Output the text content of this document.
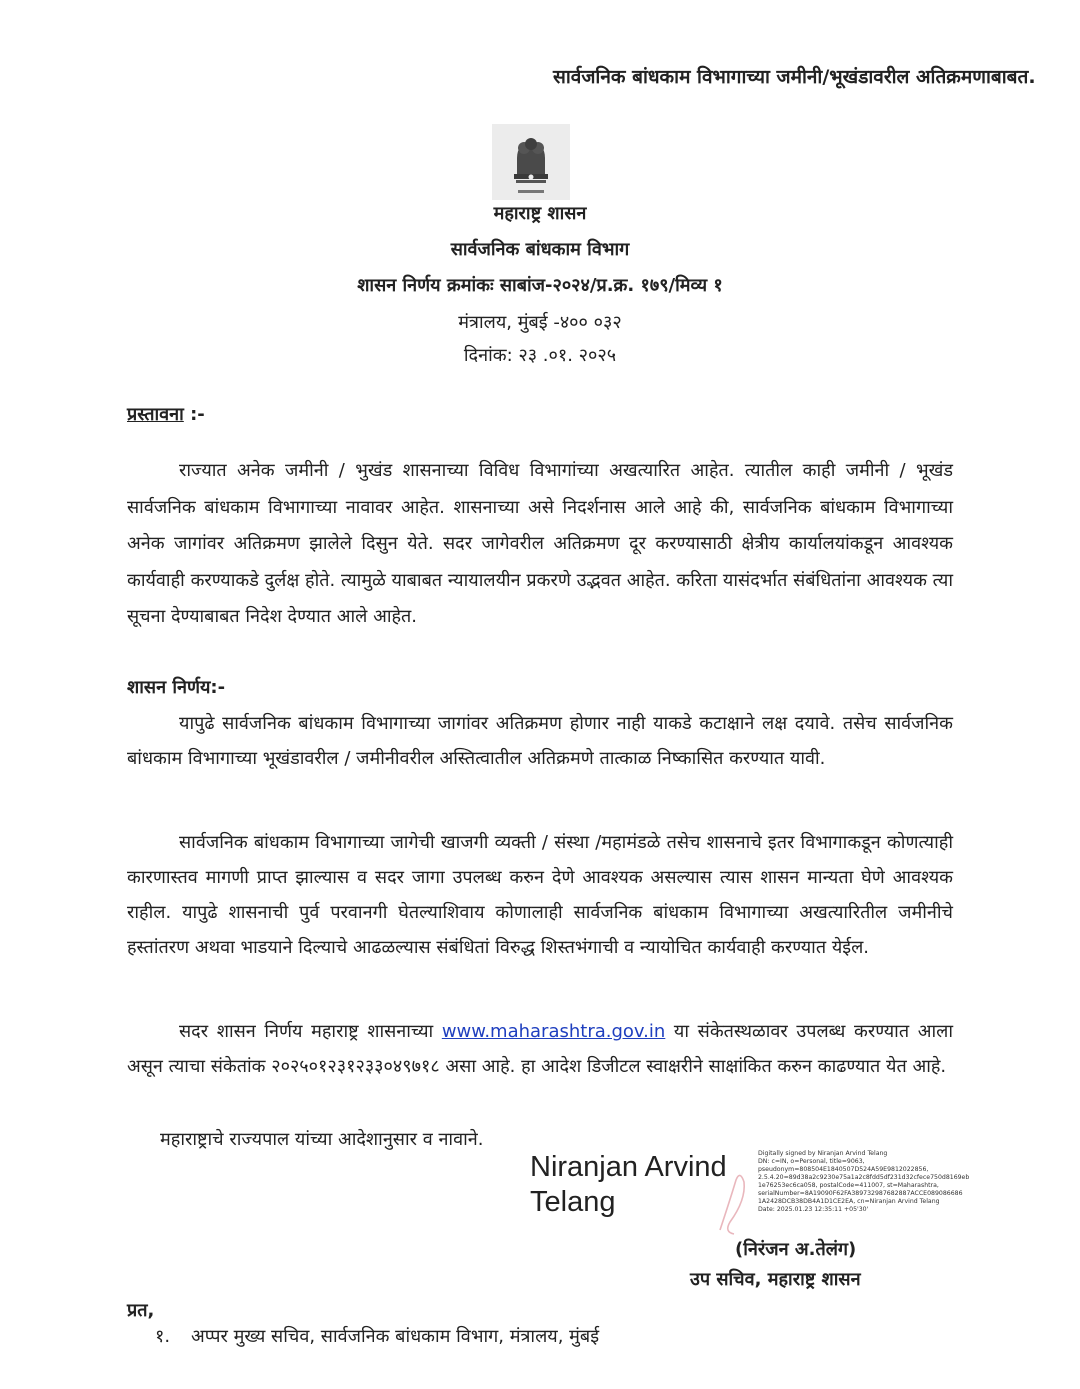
सार्वजनिक बांधकाम विभागाच्या जमीनी/भूखंडावरील अतिक्रमणाबाबत.
महाराष्ट्र शासन
सार्वजनिक बांधकाम विभाग
शासन निर्णय क्रमांकः साबांज-२०२४/प्र.क्र. १७९/मिव्य १
मंत्रालय, मुंबई -४०० ०३२
दिनांक: २३ .०१. २०२५
प्रस्तावना :-
राज्यात अनेक जमीनी / भुखंड शासनाच्या विविध विभागांच्या अखत्यारित आहेत. त्यातील काही जमीनी / भूखंड सार्वजनिक बांधकाम विभागाच्या नावावर आहेत. शासनाच्या असे निदर्शनास आले आहे की, सार्वजनिक बांधकाम विभागाच्या अनेक जागांवर अतिक्रमण झालेले दिसुन येते. सदर जागेवरील अतिक्रमण दूर करण्यासाठी क्षेत्रीय कार्यालयांकडून आवश्यक कार्यवाही करण्याकडे दुर्लक्ष होते. त्यामुळे याबाबत न्यायालयीन प्रकरणे उद्भवत आहेत. करिता यासंदर्भात संबंधितांना आवश्यक त्या सूचना देण्याबाबत निदेश देण्यात आले आहेत.
शासन निर्णय:-
यापुढे सार्वजनिक बांधकाम विभागाच्या जागांवर अतिक्रमण होणार नाही याकडे कटाक्षाने लक्ष दयावे. तसेच सार्वजनिक बांधकाम विभागाच्या भूखंडावरील / जमीनीवरील अस्तित्वातील अतिक्रमणे तात्काळ निष्कासित करण्यात यावी.
सार्वजनिक बांधकाम विभागाच्या जागेची खाजगी व्यक्ती / संस्था /महामंडळे तसेच शासनाचे इतर विभागाकडून कोणत्याही कारणास्तव मागणी प्राप्त झाल्यास व सदर जागा उपलब्ध करुन देणे आवश्यक असल्यास त्यास शासन मान्यता घेणे आवश्यक राहील. यापुढे शासनाची पुर्व परवानगी घेतल्याशिवाय कोणालाही सार्वजनिक बांधकाम विभागाच्या अखत्यारितील जमीनीचे हस्तांतरण अथवा भाडयाने दिल्याचे आढळल्यास संबंधितां विरुद्ध शिस्तभंगाची व न्यायोचित कार्यवाही करण्यात येईल.
सदर शासन निर्णय महाराष्ट्र शासनाच्या www.maharashtra.gov.in या संकेतस्थळावर उपलब्ध करण्यात आला असून त्याचा संकेतांक २०२५०१२३१२३३०४९७१८ असा आहे. हा आदेश डिजीटल स्वाक्षरीने साक्षांकित करुन काढण्यात येत आहे.
महाराष्ट्राचे राज्यपाल यांच्या आदेशानुसार व नावाने.
Niranjan Arvind
Telang
Digitally signed by Niranjan Arvind Telang
DN: c=IN, o=Personal, title=9063,
pseudonym=808504E1840507D524A59E9812022856,
2.5.4.20=89d38a2c9230e75a1a2c8fdd5df231d32cfece750d8169eb
1e76253ec6ca058, postalCode=411007, st=Maharashtra,
serialNumber=8A19090F62FA389732987682887ACCE089086686
1A2428DCB38DB4A1D1CE2EA, cn=Niranjan Arvind Telang
Date: 2025.01.23 12:35:11 +05'30'
(निरंजन अ.तेलंग)
उप सचिव, महाराष्ट्र शासन
प्रत,
१. अप्पर मुख्य सचिव, सार्वजनिक बांधकाम विभाग, मंत्रालय, मुंबई
